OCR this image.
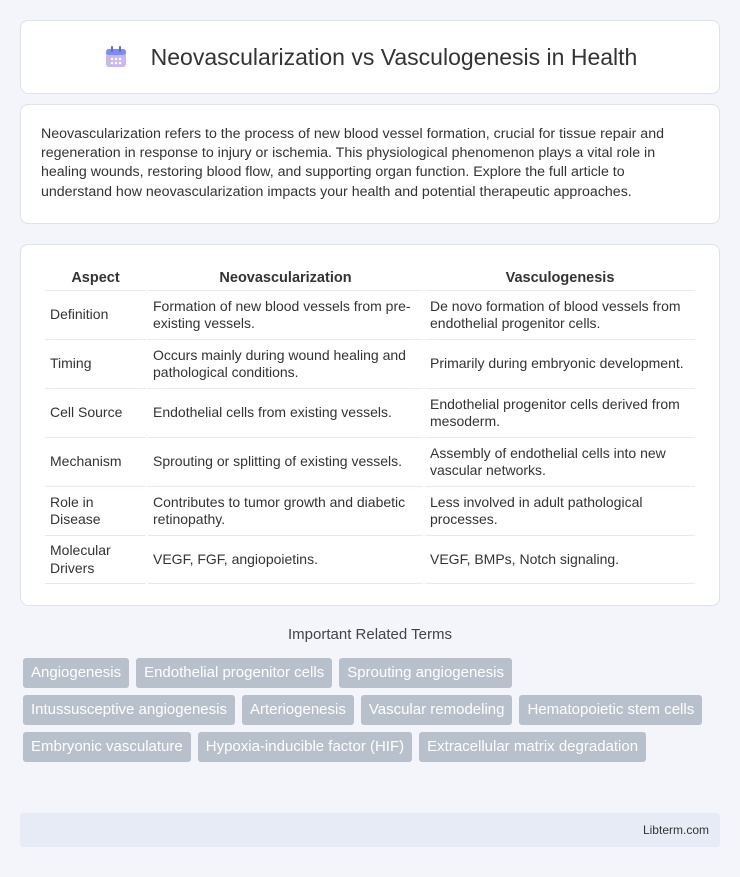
Neovascularization vs Vasculogenesis in Health

Neovascularization refers to the process of new blood vessel formation, crucial for tissue repair and regeneration in response to injury or ischemia. This physiological phenomenon plays a vital role in healing wounds, restoring blood flow, and supporting organ function. Explore the full article to understand how neovascularization impacts your health and potential therapeutic approaches.

Aspect	Neovascularization	Vasculogenesis
Definition	Formation of new blood vessels from pre-existing vessels.	De novo formation of blood vessels from endothelial progenitor cells.
Timing	Occurs mainly during wound healing and pathological conditions.	Primarily during embryonic development.
Cell Source	Endothelial cells from existing vessels.	Endothelial progenitor cells derived from mesoderm.
Mechanism	Sprouting or splitting of existing vessels.	Assembly of endothelial cells into new vascular networks.
Role in Disease	Contributes to tumor growth and diabetic retinopathy.	Less involved in adult pathological processes.
Molecular Drivers	VEGF, FGF, angiopoietins.	VEGF, BMPs, Notch signaling.
Important Related Terms
Angiogenesis	Endothelial progenitor cells	Sprouting angiogenesis
Intussusceptive angiogenesis	Arteriogenesis	Vascular remodeling	Hematopoietic stem cells
Embryonic vasculature	Hypoxia-inducible factor (HIF)	Extracellular matrix degradation
Libterm.com
